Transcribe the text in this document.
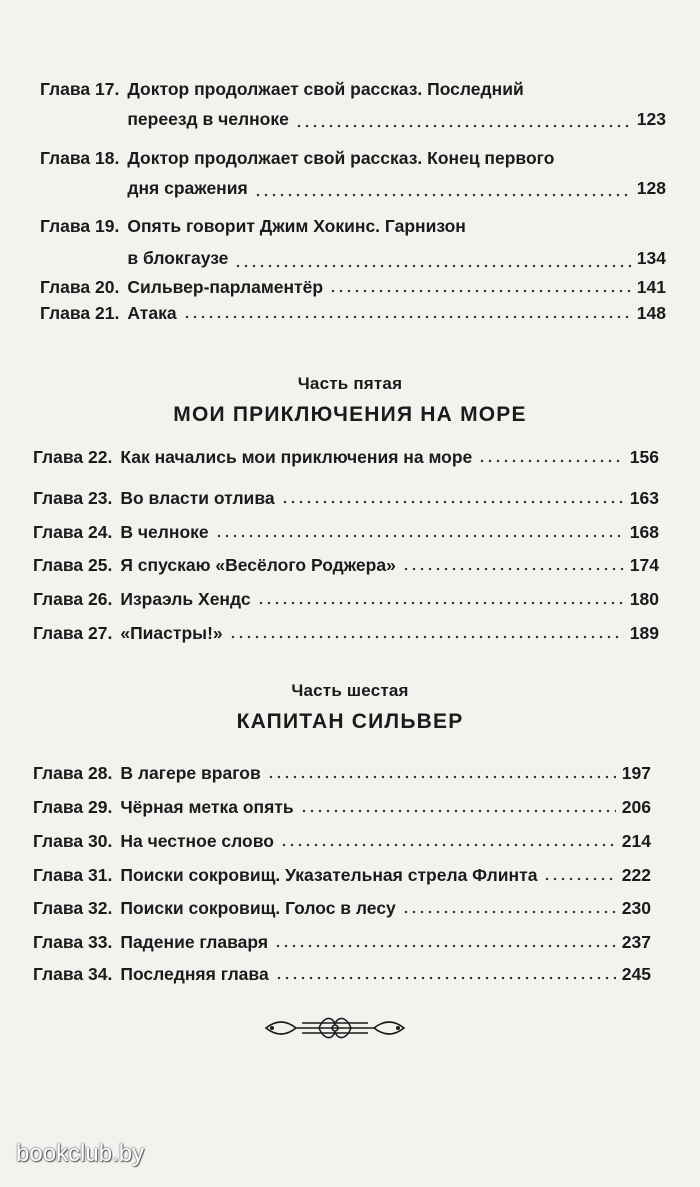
Глава 17. Доктор продолжает свой рассказ. Последний
переезд в челноке	123
Глава 18. Доктор продолжает свой рассказ. Конец первого
дня сражения	128
Глава 19. Опять говорит Джим Хокинс. Гарнизон
в блокгаузе	134
Глава 20. Сильвер-парламентёр	141
Глава 21. Атака	148
Часть пятая
МОИ ПРИКЛЮЧЕНИЯ НА МОРЕ
Глава 22. Как начались мои приключения на море	156
Глава 23. Во власти отлива	163
Глава 24. В челноке	168
Глава 25. Я спускаю «Весёлого Роджера»	174
Глава 26. Израэль Хендс	180
Глава 27. «Пиастры!»	189
Часть шестая
КАПИТАН СИЛЬВЕР
Глава 28. В лагере врагов	197
Глава 29. Чёрная метка опять	206
Глава 30. На честное слово	214
Глава 31. Поиски сокровищ. Указательная стрела Флинта	222
Глава 32. Поиски сокровищ. Голос в лесу	230
Глава 33. Падение главаря	237
Глава 34. Последняя глава	245
bookclub.by
